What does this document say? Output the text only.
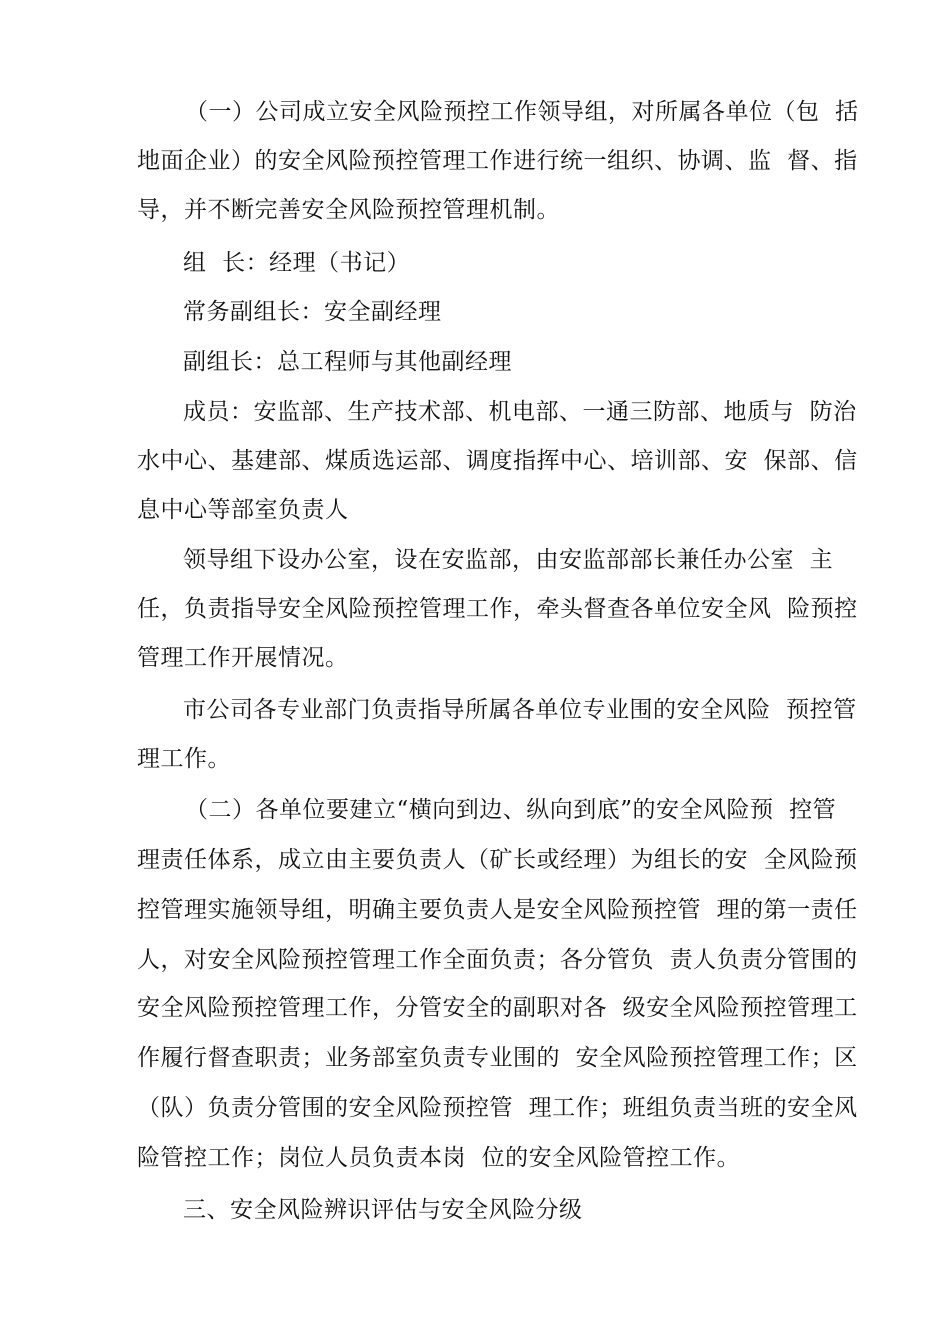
（一）公司成立安全风险预控工作领导组，对所属各单位（包  括
地面企业）的安全风险预控管理工作进行统一组织、协调、监  督、指
导，并不断完善安全风险预控管理机制。
组  长：经理（书记）
常务副组长：安全副经理
副组长：总工程师与其他副经理
成员：安监部、生产技术部、机电部、一通三防部、地质与  防治
水中心、基建部、煤质选运部、调度指挥中心、培训部、安  保部、信
息中心等部室负责人
领导组下设办公室，设在安监部，由安监部部长兼任办公室  主
任，负责指导安全风险预控管理工作，牵头督查各单位安全风  险预控
管理工作开展情况。
市公司各专业部门负责指导所属各单位专业围的安全风险  预控管
理工作。
（二）各单位要建立“横向到边、纵向到底”的安全风险预  控管
理责任体系，成立由主要负责人（矿长或经理）为组长的安  全风险预
控管理实施领导组，明确主要负责人是安全风险预控管  理的第一责任
人，对安全风险预控管理工作全面负责；各分管负  责人负责分管围的
安全风险预控管理工作，分管安全的副职对各  级安全风险预控管理工
作履行督查职责；业务部室负责专业围的  安全风险预控管理工作；区
（队）负责分管围的安全风险预控管  理工作；班组负责当班的安全风
险管控工作；岗位人员负责本岗  位的安全风险管控工作。
三、安全风险辨识评估与安全风险分级
